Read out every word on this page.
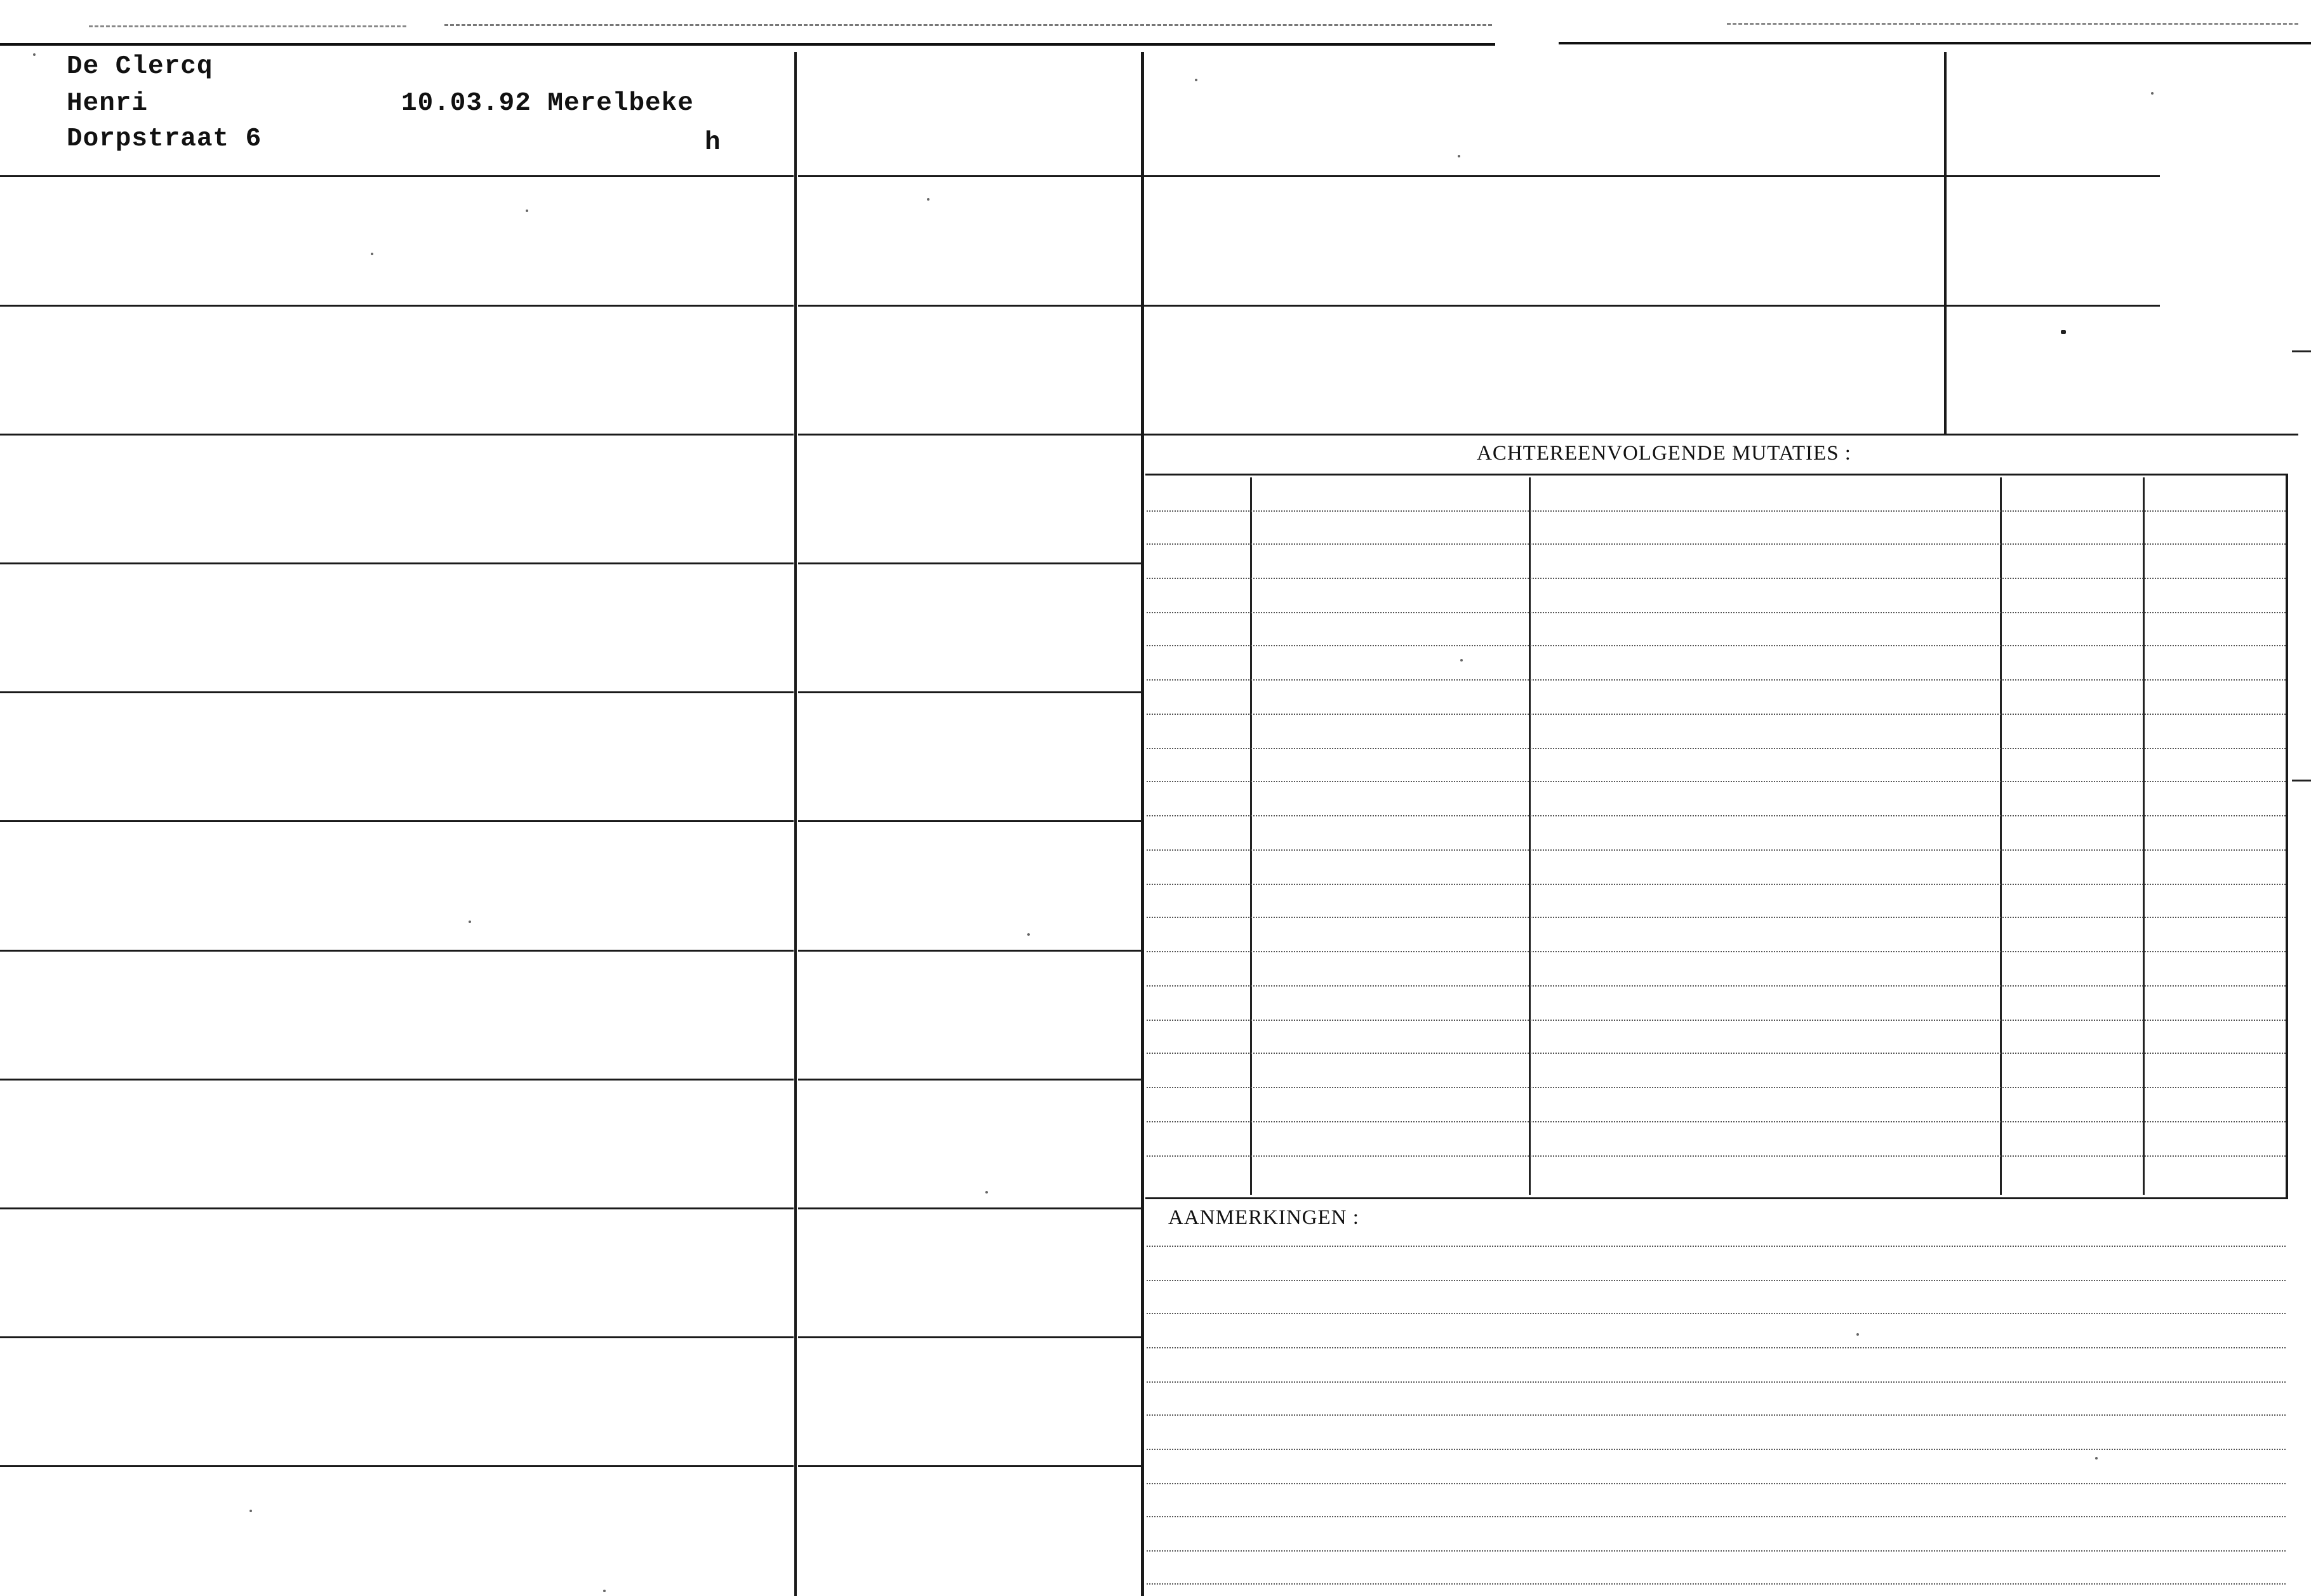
De Clercq
Henri	10.03.92 Merelbeke
Dorpstraat 6	h
ACHTEREENVOLGENDE MUTATIES :
AANMERKINGEN :
